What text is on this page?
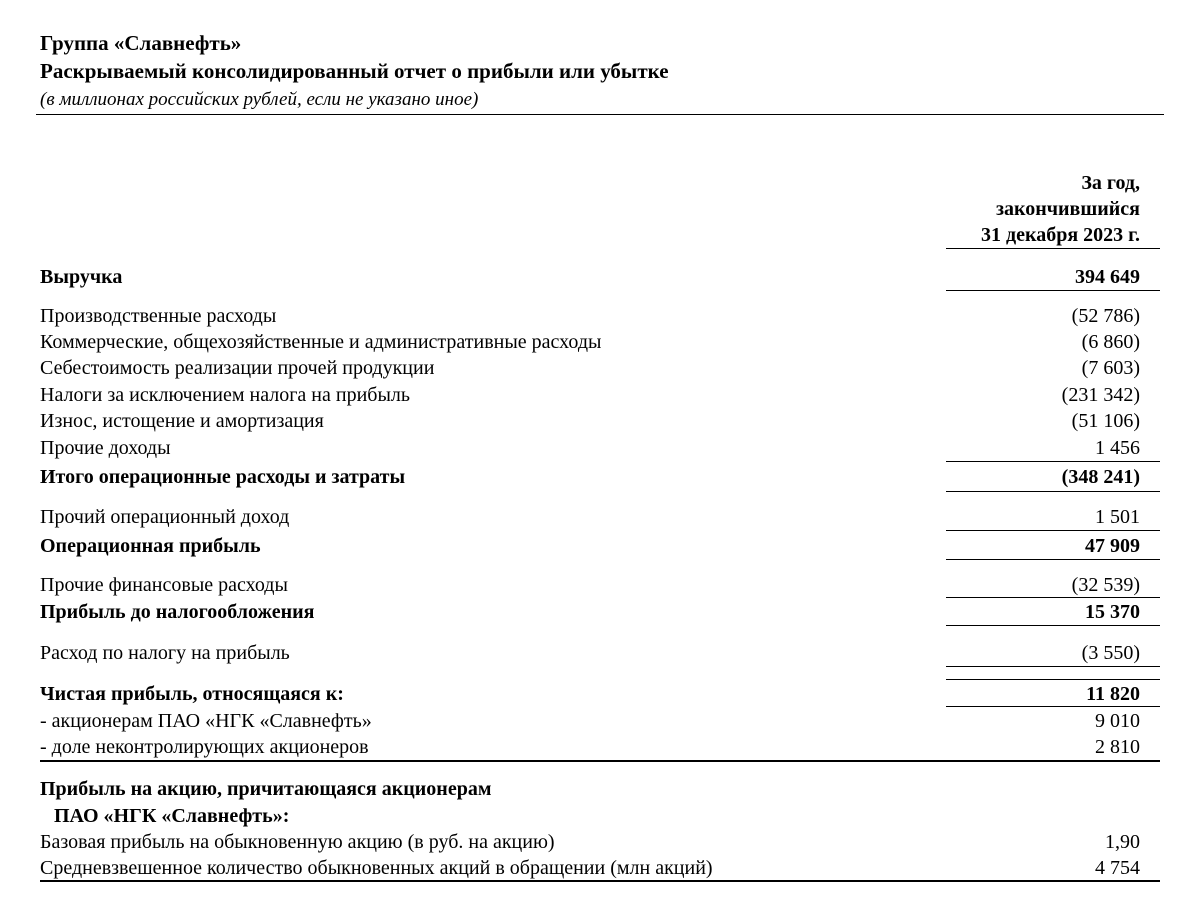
Группа «Славнефть»
Раскрываемый консолидированный отчет о прибыли или убытке
(в миллионах российских рублей, если не указано иное)
За год,
закончившийся
31 декабря 2023 г.
Выручка	394 649
Производственные расходы	(52 786)
Коммерческие, общехозяйственные и административные расходы	(6 860)
Себестоимость реализации прочей продукции	(7 603)
Налоги за исключением налога на прибыль	(231 342)
Износ, истощение и амортизация	(51 106)
Прочие доходы	1 456
Итого операционные расходы и затраты	(348 241)
Прочий операционный доход	1 501
Операционная прибыль	47 909
Прочие финансовые расходы	(32 539)
Прибыль до налогообложения	15 370
Расход по налогу на прибыль	(3 550)
Чистая прибыль, относящаяся к:	11 820
- акционерам ПАО «НГК «Славнефть»	9 010
- доле неконтролирующих акционеров	2 810
Прибыль на акцию, причитающаяся акционерам
ПАО «НГК «Славнефть»:
Базовая прибыль на обыкновенную акцию (в руб. на акцию)	1,90
Средневзвешенное количество обыкновенных акций в обращении (млн акций)	4 754
